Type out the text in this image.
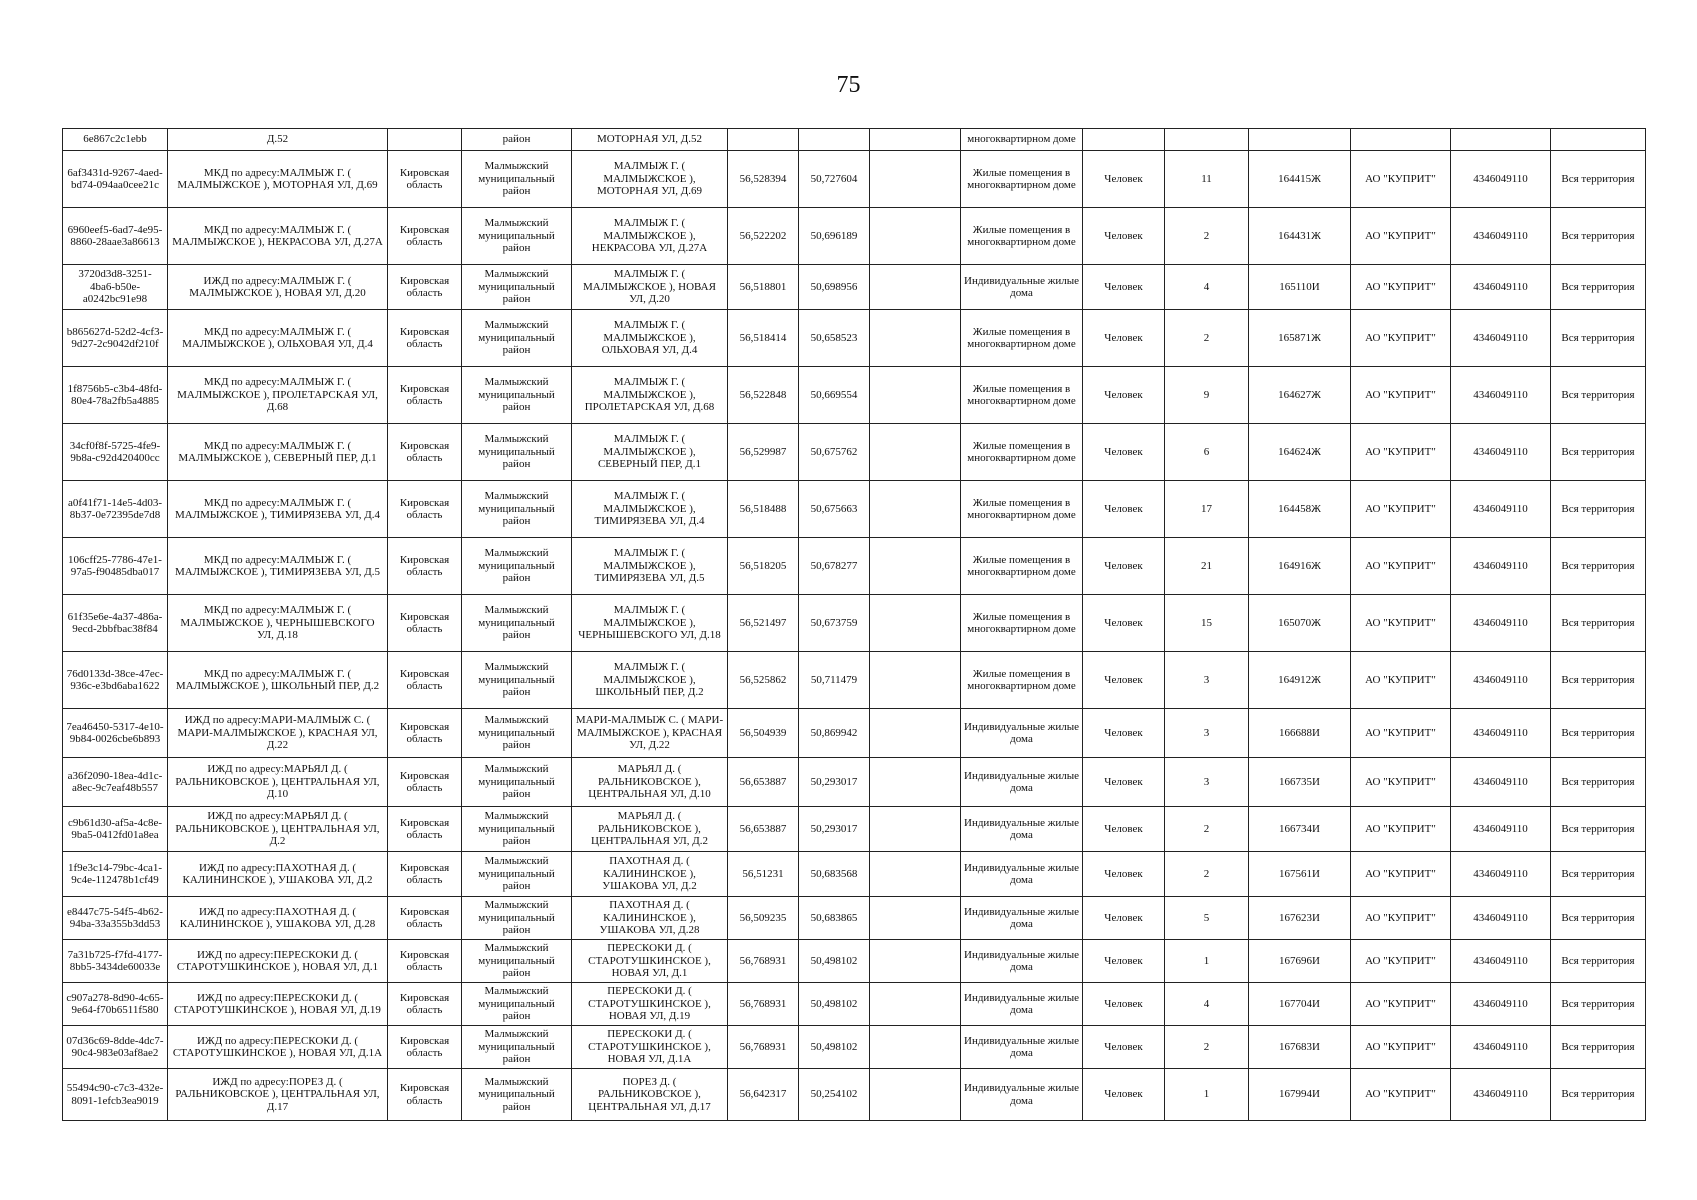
75
6e867c2c1ebb	Д.52		район	МОТОРНАЯ УЛ, Д.52				многоквартирном доме						
6af3431d-9267-4aed-bd74-094aa0cee21c	МКД по адресу:МАЛМЫЖ Г. ( МАЛМЫЖСКОЕ ), МОТОРНАЯ УЛ, Д.69	Кировская область	Малмыжский муниципальный район	МАЛМЫЖ Г. ( МАЛМЫЖСКОЕ ), МОТОРНАЯ УЛ, Д.69	56,528394	50,727604		Жилые помещения в многоквартирном доме	Человек	11	164415Ж	АО "КУПРИТ"	4346049110	Вся территория
6960eef5-6ad7-4e95-8860-28aae3a86613	МКД по адресу:МАЛМЫЖ Г. ( МАЛМЫЖСКОЕ ), НЕКРАСОВА УЛ, Д.27А	Кировская область	Малмыжский муниципальный район	МАЛМЫЖ Г. ( МАЛМЫЖСКОЕ ), НЕКРАСОВА УЛ, Д.27А	56,522202	50,696189		Жилые помещения в многоквартирном доме	Человек	2	164431Ж	АО "КУПРИТ"	4346049110	Вся территория
3720d3d8-3251-4ba6-b50e-a0242bc91e98	ИЖД по адресу:МАЛМЫЖ Г. ( МАЛМЫЖСКОЕ ), НОВАЯ УЛ, Д.20	Кировская область	Малмыжский муниципальный район	МАЛМЫЖ Г. ( МАЛМЫЖСКОЕ ), НОВАЯ УЛ, Д.20	56,518801	50,698956		Индивидуальные жилые дома	Человек	4	165110И	АО "КУПРИТ"	4346049110	Вся территория
b865627d-52d2-4cf3-9d27-2c9042df210f	МКД по адресу:МАЛМЫЖ Г. ( МАЛМЫЖСКОЕ ), ОЛЬХОВАЯ УЛ, Д.4	Кировская область	Малмыжский муниципальный район	МАЛМЫЖ Г. ( МАЛМЫЖСКОЕ ), ОЛЬХОВАЯ УЛ, Д.4	56,518414	50,658523		Жилые помещения в многоквартирном доме	Человек	2	165871Ж	АО "КУПРИТ"	4346049110	Вся территория
1f8756b5-c3b4-48fd-80e4-78a2fb5a4885	МКД по адресу:МАЛМЫЖ Г. ( МАЛМЫЖСКОЕ ), ПРОЛЕТАРСКАЯ УЛ, Д.68	Кировская область	Малмыжский муниципальный район	МАЛМЫЖ Г. ( МАЛМЫЖСКОЕ ), ПРОЛЕТАРСКАЯ УЛ, Д.68	56,522848	50,669554		Жилые помещения в многоквартирном доме	Человек	9	164627Ж	АО "КУПРИТ"	4346049110	Вся территория
34cf0f8f-5725-4fe9-9b8a-c92d420400cc	МКД по адресу:МАЛМЫЖ Г. ( МАЛМЫЖСКОЕ ), СЕВЕРНЫЙ ПЕР, Д.1	Кировская область	Малмыжский муниципальный район	МАЛМЫЖ Г. ( МАЛМЫЖСКОЕ ), СЕВЕРНЫЙ ПЕР, Д.1	56,529987	50,675762		Жилые помещения в многоквартирном доме	Человек	6	164624Ж	АО "КУПРИТ"	4346049110	Вся территория
a0f41f71-14e5-4d03-8b37-0e72395de7d8	МКД по адресу:МАЛМЫЖ Г. ( МАЛМЫЖСКОЕ ), ТИМИРЯЗЕВА УЛ, Д.4	Кировская область	Малмыжский муниципальный район	МАЛМЫЖ Г. ( МАЛМЫЖСКОЕ ), ТИМИРЯЗЕВА УЛ, Д.4	56,518488	50,675663		Жилые помещения в многоквартирном доме	Человек	17	164458Ж	АО "КУПРИТ"	4346049110	Вся территория
106cff25-7786-47e1-97a5-f90485dba017	МКД по адресу:МАЛМЫЖ Г. ( МАЛМЫЖСКОЕ ), ТИМИРЯЗЕВА УЛ, Д.5	Кировская область	Малмыжский муниципальный район	МАЛМЫЖ Г. ( МАЛМЫЖСКОЕ ), ТИМИРЯЗЕВА УЛ, Д.5	56,518205	50,678277		Жилые помещения в многоквартирном доме	Человек	21	164916Ж	АО "КУПРИТ"	4346049110	Вся территория
61f35e6e-4a37-486a-9ecd-2bbfbac38f84	МКД по адресу:МАЛМЫЖ Г. ( МАЛМЫЖСКОЕ ), ЧЕРНЫШЕВСКОГО УЛ, Д.18	Кировская область	Малмыжский муниципальный район	МАЛМЫЖ Г. ( МАЛМЫЖСКОЕ ), ЧЕРНЫШЕВСКОГО УЛ, Д.18	56,521497	50,673759		Жилые помещения в многоквартирном доме	Человек	15	165070Ж	АО "КУПРИТ"	4346049110	Вся территория
76d0133d-38ce-47ec-936c-e3bd6aba1622	МКД по адресу:МАЛМЫЖ Г. ( МАЛМЫЖСКОЕ ), ШКОЛЬНЫЙ ПЕР, Д.2	Кировская область	Малмыжский муниципальный район	МАЛМЫЖ Г. ( МАЛМЫЖСКОЕ ), ШКОЛЬНЫЙ ПЕР, Д.2	56,525862	50,711479		Жилые помещения в многоквартирном доме	Человек	3	164912Ж	АО "КУПРИТ"	4346049110	Вся территория
7ea46450-5317-4e10-9b84-0026cbe6b893	ИЖД по адресу:МАРИ-МАЛМЫЖ С. ( МАРИ-МАЛМЫЖСКОЕ ), КРАСНАЯ УЛ, Д.22	Кировская область	Малмыжский муниципальный район	МАРИ-МАЛМЫЖ С. ( МАРИ-МАЛМЫЖСКОЕ ), КРАСНАЯ УЛ, Д.22	56,504939	50,869942		Индивидуальные жилые дома	Человек	3	166688И	АО "КУПРИТ"	4346049110	Вся территория
a36f2090-18ea-4d1c-a8ec-9c7eaf48b557	ИЖД по адресу:МАРЬЯЛ Д. ( РАЛЬНИКОВСКОЕ ), ЦЕНТРАЛЬНАЯ УЛ, Д.10	Кировская область	Малмыжский муниципальный район	МАРЬЯЛ Д. ( РАЛЬНИКОВСКОЕ ), ЦЕНТРАЛЬНАЯ УЛ, Д.10	56,653887	50,293017		Индивидуальные жилые дома	Человек	3	166735И	АО "КУПРИТ"	4346049110	Вся территория
c9b61d30-af5a-4c8e-9ba5-0412fd01a8ea	ИЖД по адресу:МАРЬЯЛ Д. ( РАЛЬНИКОВСКОЕ ), ЦЕНТРАЛЬНАЯ УЛ, Д.2	Кировская область	Малмыжский муниципальный район	МАРЬЯЛ Д. ( РАЛЬНИКОВСКОЕ ), ЦЕНТРАЛЬНАЯ УЛ, Д.2	56,653887	50,293017		Индивидуальные жилые дома	Человек	2	166734И	АО "КУПРИТ"	4346049110	Вся территория
1f9e3c14-79bc-4ca1-9c4e-112478b1cf49	ИЖД по адресу:ПАХОТНАЯ Д. ( КАЛИНИНСКОЕ ), УШАКОВА УЛ, Д.2	Кировская область	Малмыжский муниципальный район	ПАХОТНАЯ Д. ( КАЛИНИНСКОЕ ), УШАКОВА УЛ, Д.2	56,51231	50,683568		Индивидуальные жилые дома	Человек	2	167561И	АО "КУПРИТ"	4346049110	Вся территория
e8447c75-54f5-4b62-94ba-33a355b3dd53	ИЖД по адресу:ПАХОТНАЯ Д. ( КАЛИНИНСКОЕ ), УШАКОВА УЛ, Д.28	Кировская область	Малмыжский муниципальный район	ПАХОТНАЯ Д. ( КАЛИНИНСКОЕ ), УШАКОВА УЛ, Д.28	56,509235	50,683865		Индивидуальные жилые дома	Человек	5	167623И	АО "КУПРИТ"	4346049110	Вся территория
7a31b725-f7fd-4177-8bb5-3434de60033e	ИЖД по адресу:ПЕРЕСКОКИ Д. ( СТАРОТУШКИНСКОЕ ), НОВАЯ УЛ, Д.1	Кировская область	Малмыжский муниципальный район	ПЕРЕСКОКИ Д. ( СТАРОТУШКИНСКОЕ ), НОВАЯ УЛ, Д.1	56,768931	50,498102		Индивидуальные жилые дома	Человек	1	167696И	АО "КУПРИТ"	4346049110	Вся территория
c907a278-8d90-4c65-9e64-f70b6511f580	ИЖД по адресу:ПЕРЕСКОКИ Д. ( СТАРОТУШКИНСКОЕ ), НОВАЯ УЛ, Д.19	Кировская область	Малмыжский муниципальный район	ПЕРЕСКОКИ Д. ( СТАРОТУШКИНСКОЕ ), НОВАЯ УЛ, Д.19	56,768931	50,498102		Индивидуальные жилые дома	Человек	4	167704И	АО "КУПРИТ"	4346049110	Вся территория
07d36c69-8dde-4dc7-90c4-983e03af8ae2	ИЖД по адресу:ПЕРЕСКОКИ Д. ( СТАРОТУШКИНСКОЕ ), НОВАЯ УЛ, Д.1А	Кировская область	Малмыжский муниципальный район	ПЕРЕСКОКИ Д. ( СТАРОТУШКИНСКОЕ ), НОВАЯ УЛ, Д.1А	56,768931	50,498102		Индивидуальные жилые дома	Человек	2	167683И	АО "КУПРИТ"	4346049110	Вся территория
55494c90-c7c3-432e-8091-1efcb3ea9019	ИЖД по адресу:ПОРЕЗ Д. ( РАЛЬНИКОВСКОЕ ), ЦЕНТРАЛЬНАЯ УЛ, Д.17	Кировская область	Малмыжский муниципальный район	ПОРЕЗ Д. ( РАЛЬНИКОВСКОЕ ), ЦЕНТРАЛЬНАЯ УЛ, Д.17	56,642317	50,254102		Индивидуальные жилые дома	Человек	1	167994И	АО "КУПРИТ"	4346049110	Вся территория
